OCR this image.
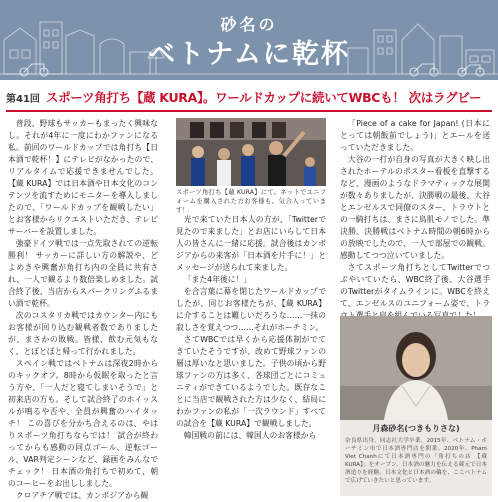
砂名の
ベトナムに乾杯
第41回 スポーツ角打ち【蔵 KURA】。ワールドカップに続いてWBCも！ 次はラグビー

普段、野球もサッカーもまったく興味なし。それが4年に一度にわかファンになる私。前回のワールドカップでは角打ち【日本酒で乾杯！】にテレビがなかったので、リアルタイムで応援できませんでした。【蔵 KURA】では日本酒や日本文化のコンテンツを流すためにモニターを導入しましたので、「ワールドカップを観戦したい」とお客様からリクエストいただき、テレビサーバーを設置しました。

強豪ドイツ戦では一点先取されての逆転勝利！ サッカーに詳しい方の解説や、どよめきや興奮が角打ち内の全員に共有され、一人で観るより数倍楽しめました。試合終了後、当店からスパークリングふるまい酒で乾杯。

次のコスタリカ戦ではカウンター内にもお客様が回り込む観戦者数でありましたが、まさかの敗戦。皆様、飲む元気もなく、とぼとぼと帰って行かれました。

スペイン戦ではベトナムは深夜2時からのキックオフ。8時から仮眠を取ったと言う方や、「一人だと寝てしまいそうで」と初来店の方も。そして試合終了のホイッスルが鳴るや否や、全員が興奮のハイタッチ！ この喜びを分かち合えるのは、やはりスポーツ角打ちならでは！ 試合が終わってからも感動の同点ゴール、逆転ゴール、VAR判定シーンなど、録画をみんなでチェック！ 日本酒の角打ちで初めて、朝のコーヒーをお出ししました。

クロアチア戦では、カンボジアから観

スポーツ角打ち【蔵 KURA】にて。ネットでユニフォームを購入された方お客様も。気合入っています！

光で来ていた日本人の方が、「Twitterで見たので来ました」とお店にいらして日本人の皆さんに一緒に応援。試合後はカンボジアからの来客が「日本酒を片手に！」とメッセージが送られて来ました。

「また4年後に！」

を合言葉に幕を閉じたワールドカップでしたが、同じお客様たちが、【蔵 KURA】に介することは難しいだろうな……一抹の寂しさを覚えつつ……それがホーチミン。

さてWBCでは早くから応援体制がでてきていたそうですが、改めて野球ファンの層は厚いなと思いました。子供の頃から野球ファンの方は多く、各球団ごとにコミュニティができているようでした。既存なことに当店で観戦された方は少なく、結局にわかファンの私が「一次ラウンド」すべての試合を【蔵 KURA】で観戦しました。

韓国戦の前には、韓国人のお客様から

「Piece of a cake for Japan! (日本にとっては朝飯前でしょう)」とエールを送っていただきました。

大谷の一打が自身の写真が大きく映し出されたホーテルのポスター看板を直撃するなど、漫画のようなドラマティックな展開が数々ありましたが、決勝戦の最後、大谷とエンゼルスで同僚のスター、トラウトとの一騎打ちは、まさに鳥肌モノでした。準決勝、決勝戦はベトナム時間の朝6時からの放映でしたので、一人で部屋での観戦。感動してつつ泣いていました。

さてスポーツ角打ちとしてTwitterでつぶやいていたら、WBC終了後、大谷選手のTwitterがタイムラインに。WBCを終えて、エンゼルスのユニフォーム姿で、トラ

月森砂名(つきもりさな)
奈良県出身。同志社大学卒業。2015年、ベトナム・ホーチミン市で日本酒専門店を開業。2020年、Pham Viet Chanhにて日本酒専門の「角打ちの店 【蔵 KURA】」をオープン。日本酒の魅力を伝える蔵元で日本酒造りを経験。日本文化と日本酒の輪を、ここベトナムで広げていきたいと思っています。
